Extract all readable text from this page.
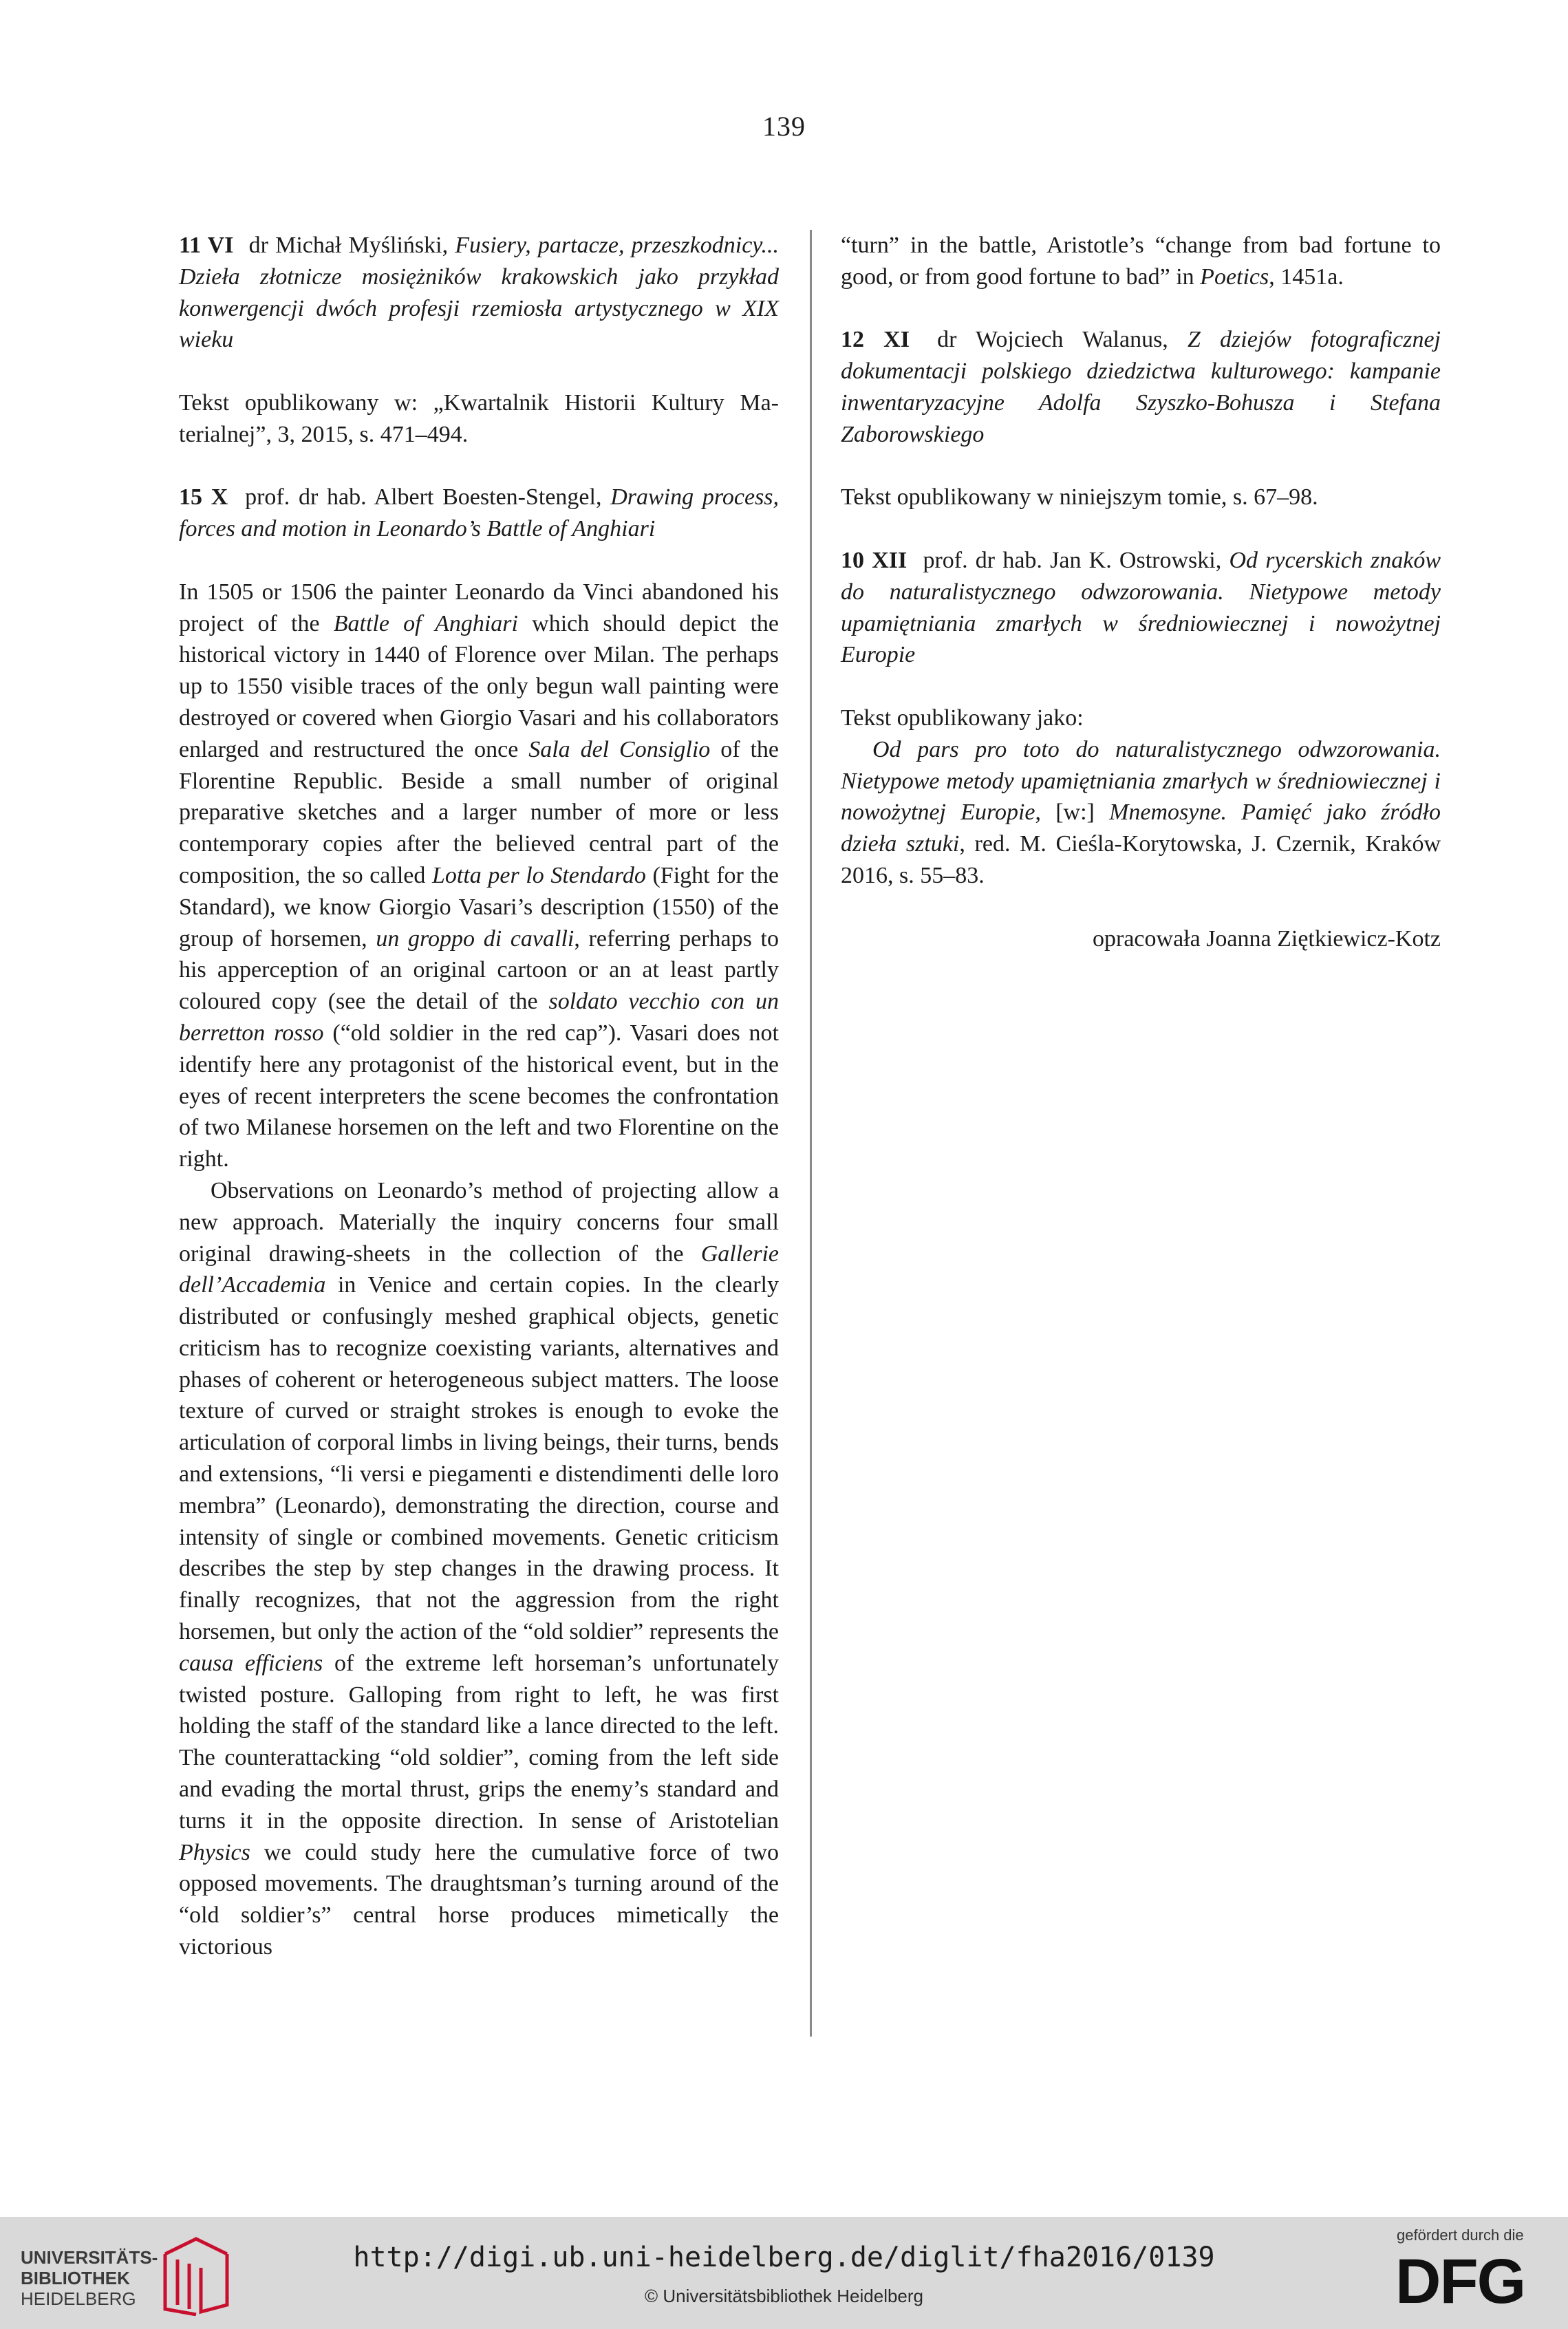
139

11 VI dr Michał Myśliński, Fusiery, partacze, przeszkodnicy... Dzieła złotnicze mosiężników krakowskich jako przykład konwergencji dwóch profesji rzemiosła artystycznego w XIX wieku

Tekst opublikowany w: „Kwartalnik Historii Kultury Materialnej”, 3, 2015, s. 471–494.

15 X prof. dr hab. Albert Boesten-Stengel, Drawing process, forces and motion in Leonardo’s Battle of Anghiari

In 1505 or 1506 the painter Leonardo da Vinci abandoned his project of the Battle of Anghiari which should depict the historical victory in 1440 of Florence over Milan. The perhaps up to 1550 visible traces of the only begun wall painting were destroyed or covered when Giorgio Vasari and his collaborators enlarged and restructured the once Sala del Consiglio of the Florentine Republic. Beside a small number of original preparative sketches and a larger number of more or less contemporary copies after the believed central part of the composition, the so called Lotta per lo Stendardo (Fight for the Standard), we know Giorgio Vasari’s description (1550) of the group of horsemen, un groppo di cavalli, referring perhaps to his apperception of an original cartoon or an at least partly coloured copy (see the detail of the soldato vecchio con un berretton rosso (“old soldier in the red cap”). Vasari does not identify here any protagonist of the historical event, but in the eyes of recent interpreters the scene becomes the confrontation of two Milanese horsemen on the left and two Florentine on the right.

Observations on Leonardo’s method of projecting allow a new approach. Materially the inquiry concerns four small original drawing-sheets in the collection of the Gallerie dell’Accademia in Venice and certain copies. In the clearly distributed or confusingly meshed graphical objects, genetic criticism has to recognize coexisting variants, alternatives and phases of coherent or heterogeneous subject matters. The loose texture of curved or straight strokes is enough to evoke the articulation of corporal limbs in living beings, their turns, bends and extensions, “li versi e piegamenti e distendimenti delle loro membra” (Leonardo), demonstrating the direction, course and intensity of single or combined movements. Genetic criticism describes the step by step changes in the drawing process. It finally recognizes, that not the aggression from the right horsemen, but only the action of the “old soldier” represents the causa efficiens of the extreme left horseman’s unfortunately twisted posture. Galloping from right to left, he was first holding the staff of the standard like a lance directed to the left. The counterattacking “old soldier”, coming from the left side and evading the mortal thrust, grips the enemy’s standard and turns it in the opposite direction. In sense of Aristotelian Physics we could study here the cumulative force of two opposed movements. The draughtsman’s turning around of the “old soldier’s” central horse produces mimetically the victorious

“turn” in the battle, Aristotle’s “change from bad fortune to good, or from good fortune to bad” in Poetics, 1451a.

12 XI dr Wojciech Walanus, Z dziejów fotograficznej dokumentacji polskiego dziedzictwa kulturowego: kampanie inwentaryzacyjne Adolfa Szyszko-Bohusza i Stefana Zaborowskiego

Tekst opublikowany w niniejszym tomie, s. 67–98.

10 XII prof. dr hab. Jan K. Ostrowski, Od rycerskich znaków do naturalistycznego odwzorowania. Nietypowe metody upamiętniania zmarłych w średniowiecznej i nowożytnej Europie

Tekst opublikowany jako:

Od pars pro toto do naturalistycznego odwzorowania. Nietypowe metody upamiętniania zmarłych w średniowiecznej i nowożytnej Europie, [w:] Mnemosyne. Pamięć jako źródło dzieła sztuki, red. M. Cieśla-Korytowska, J. Czernik, Kraków 2016, s. 55–83.

opracowała Joanna Ziętkiewicz-Kotz

UNIVERSITÄTS-
BIBLIOTHEK
HEIDELBERG
http://digi.ub.uni-heidelberg.de/diglit/fha2016/0139
© Universitätsbibliothek Heidelberg
gefördert durch die
DFG
